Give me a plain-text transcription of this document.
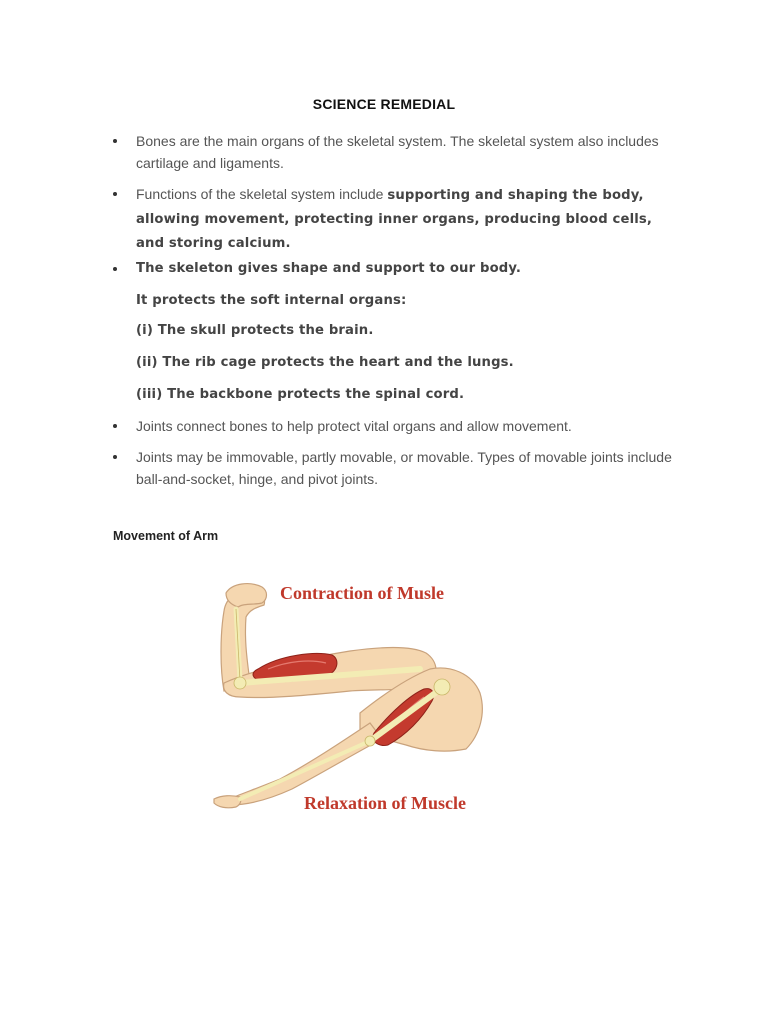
SCIENCE REMEDIAL
Bones are the main organs of the skeletal system. The skeletal system also includes cartilage and ligaments.
Functions of the skeletal system include supporting and shaping the body, allowing movement, protecting inner organs, producing blood cells, and storing calcium.
The skeleton gives shape and support to our body.
Joints connect bones to help protect vital organs and allow movement.
Joints may be immovable, partly movable, or movable. Types of movable joints include ball-and-socket, hinge, and pivot joints.
It protects the soft internal organs:
(i) The skull protects the brain.
(ii) The rib cage protects the heart and the lungs.
(iii) The backbone protects the spinal cord.
Movement of Arm
Contraction of Musle
Relaxation of Muscle
